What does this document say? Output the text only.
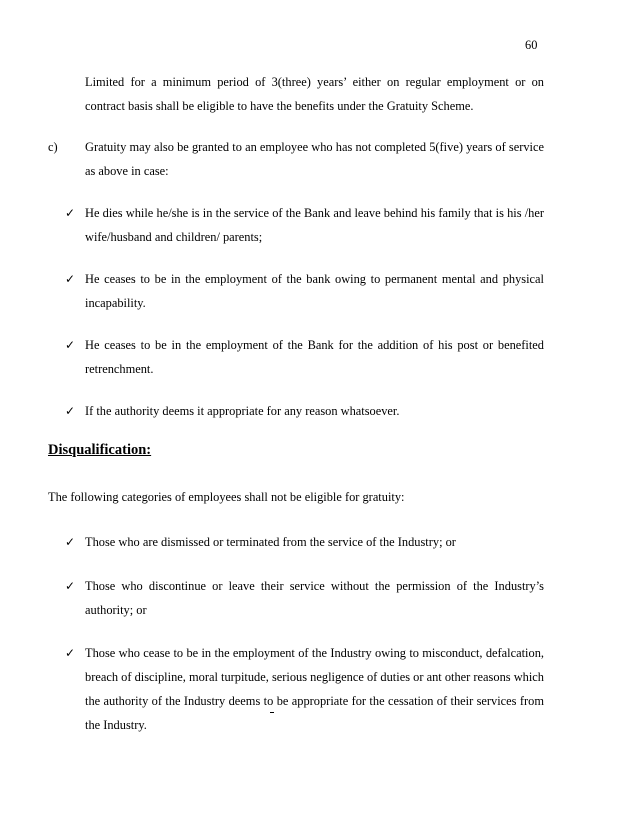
60
Limited for a minimum period of 3(three) years’ either on regular employment or on contract basis shall be eligible to have the benefits under the Gratuity Scheme.
c) Gratuity may also be granted to an employee who has not completed 5(five) years of service as above in case:
✓ He dies while he/she is in the service of the Bank and leave behind his family that is his /her wife/husband and children/ parents;
✓ He ceases to be in the employment of the bank owing to permanent mental and physical incapability.
✓ He ceases to be in the employment of the Bank for the addition of his post or benefited retrenchment.
✓ If the authority deems it appropriate for any reason whatsoever.
Disqualification:
The following categories of employees shall not be eligible for gratuity:
✓ Those who are dismissed or terminated from the service of the Industry; or
✓ Those who discontinue or leave their service without the permission of the Industry’s authority; or
✓ Those who cease to be in the employment of the Industry owing to misconduct, defalcation, breach of discipline, moral turpitude, serious negligence of duties or ant other reasons which the authority of the Industry deems to be appropriate for the cessation of their services from the Industry.
